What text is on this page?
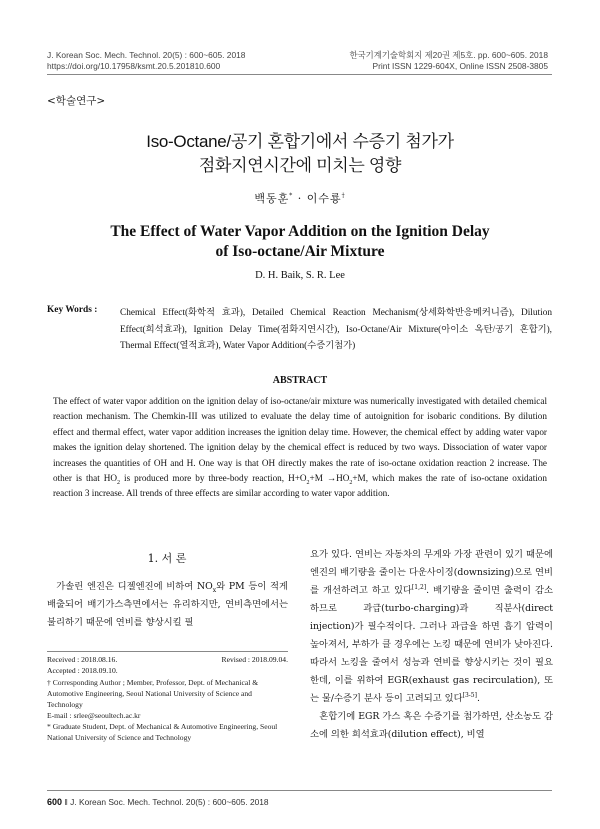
J. Korean Soc. Mech. Technol. 20(5) : 600~605. 2018
https://doi.org/10.17958/ksmt.20.5.201810.600
한국기계기술학회지 제20권 제5호. pp. 600~605. 2018
Print ISSN 1229-604X, Online ISSN 2508-3805
<학술연구>
Iso-Octane/공기 혼합기에서 수증기 첨가가
점화지연시간에 미치는 영향
백동훈* · 이수룡†
The Effect of Water Vapor Addition on the Ignition Delay
of Iso-octane/Air Mixture
D. H. Baik, S. R. Lee
Key Words : Chemical Effect(화학적 효과), Detailed Chemical Reaction Mechanism(상세화학반응메커니즘), Dilution Effect(희석효과), Ignition Delay Time(점화지연시간), Iso-Octane/Air Mixture(아이소 옥탄/공기 혼합기), Thermal Effect(열적효과), Water Vapor Addition(수증기첨가)
ABSTRACT
The effect of water vapor addition on the ignition delay of iso-octane/air mixture was numerically investigated with detailed chemical reaction mechanism. The Chemkin-III was utilized to evaluate the delay time of autoignition for isobaric conditions. By dilution effect and thermal effect, water vapor addition increases the ignition delay time. However, the chemical effect by adding water vapor makes the ignition delay shortened. The ignition delay by the chemical effect is reduced by two ways. Dissociation of water vapor increases the quantities of OH and H. One way is that OH directly makes the rate of iso-octane oxidation reaction 2 increase. The other is that $HO_2$ is produced more by three-body reaction, $H+O_2+M \to HO_2+M$, which makes the rate of iso-octane oxidation reaction 3 increase. All trends of three effects are similar according to water vapor addition.
1. 서 론
가솔린 엔진은 디젤엔진에 비하여 $NO_x$와 PM 등이 적게 배출되어 배기가스측면에서는 유리하지만, 연비측면에서는 불리하기 때문에 연비를 향상시킬 필
Received : 2018.08.16.	Revised : 2018.09.04.
Accepted : 2018.09.10.
† Corresponding Author ; Member, Professor, Dept. of Mechanical & Automotive Engineering, Seoul National University of Science and Technology
E-mail : srlee@seoultech.ac.kr
* Graduate Student, Dept. of Mechanical & Automotive Engineering, Seoul National University of Science and Technology

요가 있다. 연비는 자동차의 무게와 가장 관련이 있기 때문에 엔진의 배기량을 줄이는 다운사이징(downsizing)으로 연비를 개선하려고 하고 있다[1,2]. 배기량을 줄이면 출력이 감소하므로 과급(turbo-charging)과 직분사(direct injection)가 필수적이다. 그러나 과급을 하면 흡기 압력이 높아져서, 부하가 클 경우에는 노킹 때문에 연비가 낮아진다. 따라서 노킹을 줄여서 성능과 연비를 향상시키는 것이 필요한데, 이를 위하여 EGR(exhaust gas recirculation), 또는 물/수증기 분사 등이 고려되고 있다[3-5].

혼합기에 EGR 가스 혹은 수증기를 첨가하면, 산소농도 감소에 의한 희석효과(dilution effect), 비열

600 ‖ J. Korean Soc. Mech. Technol. 20(5) : 600~605. 2018
